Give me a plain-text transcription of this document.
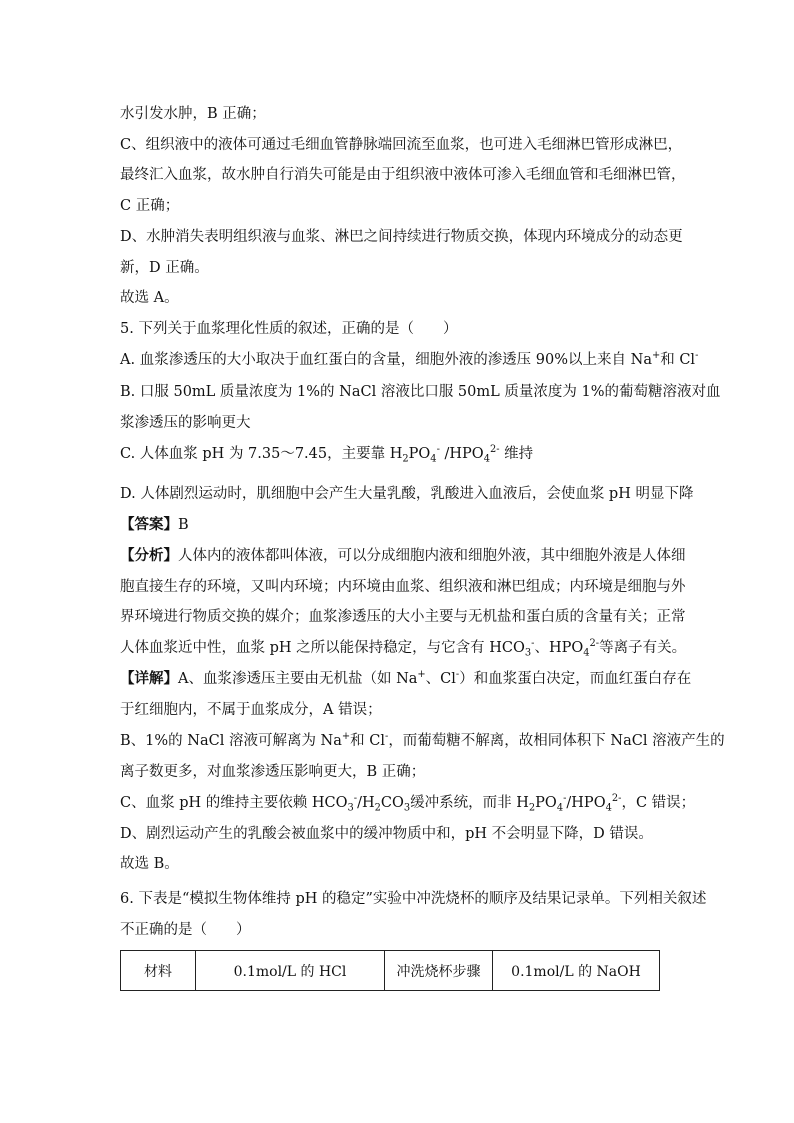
水引发水肿，B 正确；
C、组织液中的液体可通过毛细血管静脉端回流至血浆，也可进入毛细淋巴管形成淋巴，
最终汇入血浆，故水肿自行消失可能是由于组织液中液体可渗入毛细血管和毛细淋巴管，
C 正确；
D、水肿消失表明组织液与血浆、淋巴之间持续进行物质交换，体现内环境成分的动态更
新，D 正确。
故选 A。
5. 下列关于血浆理化性质的叙述，正确的是（　　）
A. 血浆渗透压的大小取决于血红蛋白的含量，细胞外液的渗透压 90%以上来自 Na+和 Cl-
B. 口服 50mL 质量浓度为 1%的 NaCl 溶液比口服 50mL 质量浓度为 1%的葡萄糖溶液对血
浆渗透压的影响更大
C. 人体血浆 pH 为 7.35～7.45，主要靠 $H_2PO_4^-$ $/HPO_4^{2-}$ 维持
D. 人体剧烈运动时，肌细胞中会产生大量乳酸，乳酸进入血液后，会使血浆 pH 明显下降
【答案】B
【分析】人体内的液体都叫体液，可以分成细胞内液和细胞外液，其中细胞外液是人体细
胞直接生存的环境，又叫内环境；内环境由血浆、组织液和淋巴组成；内环境是细胞与外
界环境进行物质交换的媒介；血浆渗透压的大小主要与无机盐和蛋白质的含量有关；正常
人体血浆近中性，血浆 pH 之所以能保持稳定，与它含有 $HCO_3^-$、$HPO_4^{2-}$等离子有关。
【详解】A、血浆渗透压主要由无机盐（如 Na+、Cl-）和血浆蛋白决定，而血红蛋白存在
于红细胞内，不属于血浆成分，A 错误；
B、1%的 NaCl 溶液可解离为 Na+和 Cl-，而葡萄糖不解离，故相同体积下 NaCl 溶液产生的
离子数更多，对血浆渗透压影响更大，B 正确；
C、血浆 pH 的维持主要依赖 $HCO_3^-/H_2CO_3$缓冲系统，而非 $H_2PO_4^-/HPO_4^{2-}$，C 错误；
D、剧烈运动产生的乳酸会被血浆中的缓冲物质中和，pH 不会明显下降，D 错误。
故选 B。
6. 下表是“模拟生物体维持 pH 的稳定”实验中冲洗烧杯的顺序及结果记录单。下列相关叙述
不正确的是（　　）
材料	0.1mol/L 的 HCl	冲洗烧杯步骤	0.1mol/L 的 NaOH
